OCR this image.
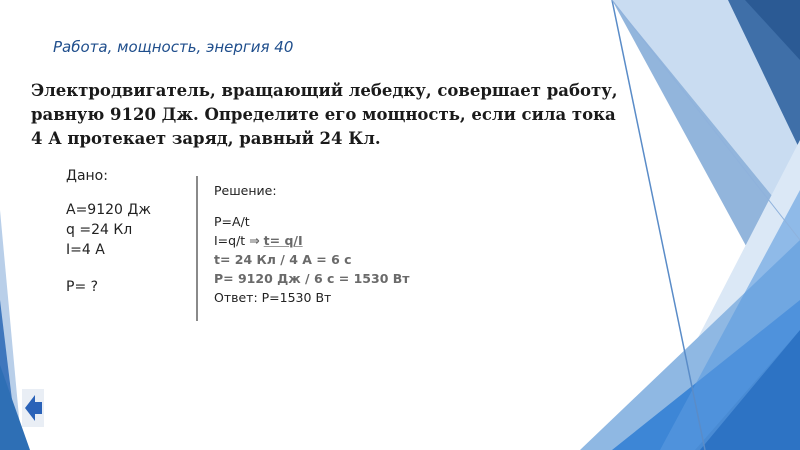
Работа, мощность, энергия 40
Электродвигатель, вращающий лебедку, совершает работу, равную 9120 Дж. Определите его мощность, если сила тока 4 А протекает заряд, равный 24 Кл.
Дано:
A=9120 Дж
q =24 Кл
I=4 А
P= ?
Решение:
P=A/t
I=q/t ⇒ t= q/I
t= 24 Кл / 4 А = 6 с
P= 9120 Дж / 6 с = 1530 Вт
Ответ: P=1530 Вт
